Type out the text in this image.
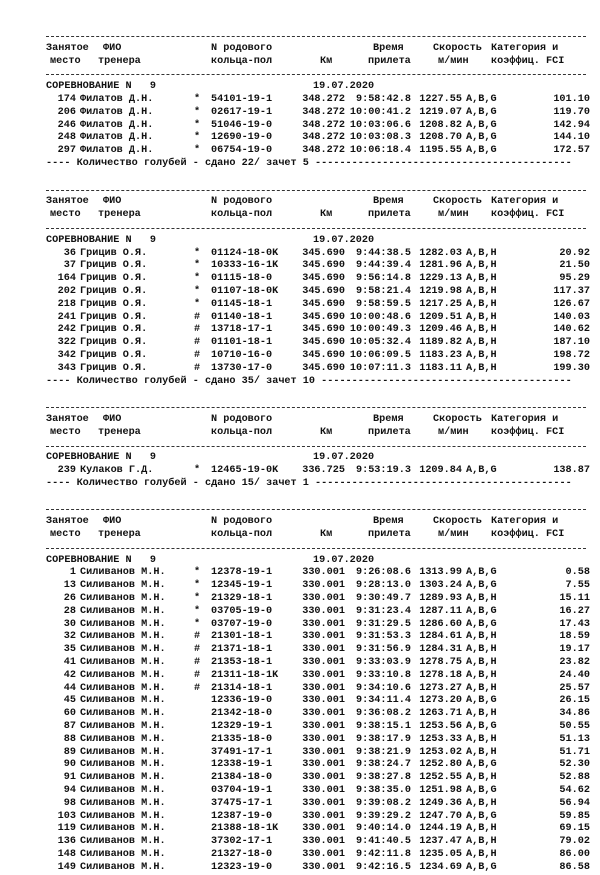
Занятое ФИО	N родового	Время	Скорость Категория и
место тренера	кольца-пол	Км	прилета	м/мин коэффиц. FCI
СОРЕВНОВАНИЕ N   9	19.07.2020
174 Филатов Д.Н.	* 54101-19-1	348.272	9:58:42.8 1227.55 A,B,G	101.10
206 Филатов Д.Н.	* 02617-19-1	348.272 10:00:41.2 1219.07 A,B,G	119.70
246 Филатов Д.Н.	* 51046-19-0	348.272 10:03:06.6 1208.82 A,B,G	142.94
248 Филатов Д.Н.	* 12690-19-0	348.272 10:03:08.3 1208.70 A,B,G	144.10
297 Филатов Д.Н.	* 06754-19-0	348.272 10:06:18.4 1195.55 A,B,G	172.57
---- Количество голубей - сдано 22/ зачет 5 ------------------------------------------
Занятое ФИО	N родового	Время	Скорость Категория и
место тренера	кольца-пол	Км	прилета	м/мин коэффиц. FCI
СОРЕВНОВАНИЕ N   9	19.07.2020
36 Грицив О.Я.	* 01124-18-0K	345.690	9:44:38.5 1282.03 A,B,H	20.92
37 Грицив О.Я.	* 10333-16-1K	345.690	9:44:39.4 1281.96 A,B,H	21.50
164 Грицив О.Я.	* 01115-18-0	345.690	9:56:14.8 1229.13 A,B,H	95.29
202 Грицив О.Я.	* 01107-18-0K	345.690	9:58:21.4 1219.98 A,B,H	117.37
218 Грицив О.Я.	* 01145-18-1	345.690	9:58:59.5 1217.25 A,B,H	126.67
241 Грицив О.Я.	# 01140-18-1	345.690 10:00:48.6 1209.51 A,B,H	140.03
242 Грицив О.Я.	# 13718-17-1	345.690 10:00:49.3 1209.46 A,B,H	140.62
322 Грицив О.Я.	# 01101-18-1	345.690 10:05:32.4 1189.82 A,B,H	187.10
342 Грицив О.Я.	# 10710-16-0	345.690 10:06:09.5 1183.23 A,B,H	198.72
343 Грицив О.Я.	# 13730-17-0	345.690 10:07:11.3 1183.11 A,B,H	199.30
---- Количество голубей - сдано 35/ зачет 10 -----------------------------------------
Занятое ФИО	N родового	Время	Скорость Категория и
место тренера	кольца-пол	Км	прилета	м/мин коэффиц. FCI
СОРЕВНОВАНИЕ N   9	19.07.2020
239 Кулаков Г.Д.	* 12465-19-0K	336.725	9:53:19.3 1209.84 A,B,G	138.87
---- Количество голубей - сдано 15/ зачет 1 ------------------------------------------
Занятое ФИО	N родового	Время	Скорость Категория и
место тренера	кольца-пол	Км	прилета	м/мин коэффиц. FCI
СОРЕВНОВАНИЕ N   9	19.07.2020
1 Силиванов М.Н.	* 12378-19-1	330.001	9:26:08.6 1313.99 A,B,G	0.58
13 Силиванов М.Н.	* 12345-19-1	330.001	9:28:13.0 1303.24 A,B,G	7.55
26 Силиванов М.Н.	* 21329-18-1	330.001	9:30:49.7 1289.93 A,B,H	15.11
28 Силиванов М.Н.	* 03705-19-0	330.001	9:31:23.4 1287.11 A,B,G	16.27
30 Силиванов М.Н.	* 03707-19-0	330.001	9:31:29.5 1286.60 A,B,G	17.43
32 Силиванов М.Н.	# 21301-18-1	330.001	9:31:53.3 1284.61 A,B,H	18.59
35 Силиванов М.Н.	# 21371-18-1	330.001	9:31:56.9 1284.31 A,B,H	19.17
41 Силиванов М.Н.	# 21353-18-1	330.001	9:33:03.9 1278.75 A,B,H	23.82
42 Силиванов М.Н.	# 21311-18-1K	330.001	9:33:10.8 1278.18 A,B,H	24.40
44 Силиванов М.Н.	# 21314-18-1	330.001	9:34:10.6 1273.27 A,B,H	25.57
45 Силиванов М.Н.	12336-19-0	330.001	9:34:11.4 1273.20 A,B,G	26.15
60 Силиванов М.Н.	21342-18-0	330.001	9:36:08.2 1263.71 A,B,H	34.86
87 Силиванов М.Н.	12329-19-1	330.001	9:38:15.1 1253.56 A,B,G	50.55
88 Силиванов М.Н.	21335-18-0	330.001	9:38:17.9 1253.33 A,B,H	51.13
89 Силиванов М.Н.	37491-17-1	330.001	9:38:21.9 1253.02 A,B,H	51.71
90 Силиванов М.Н.	12338-19-1	330.001	9:38:24.7 1252.80 A,B,G	52.30
91 Силиванов М.Н.	21384-18-0	330.001	9:38:27.8 1252.55 A,B,H	52.88
94 Силиванов М.Н.	03704-19-1	330.001	9:38:35.0 1251.98 A,B,G	54.62
98 Силиванов М.Н.	37475-17-1	330.001	9:39:08.2 1249.36 A,B,H	56.94
103 Силиванов М.Н.	12387-19-0	330.001	9:39:29.2 1247.70 A,B,G	59.85
119 Силиванов М.Н.	21388-18-1K	330.001	9:40:14.0 1244.19 A,B,H	69.15
136 Силиванов М.Н.	37302-17-1	330.001	9:41:40.5 1237.47 A,B,H	79.02
148 Силиванов М.Н.	21327-18-0	330.001	9:42:11.8 1235.05 A,B,H	86.00
149 Силиванов М.Н.	12323-19-0	330.001	9:42:16.5 1234.69 A,B,G	86.58
